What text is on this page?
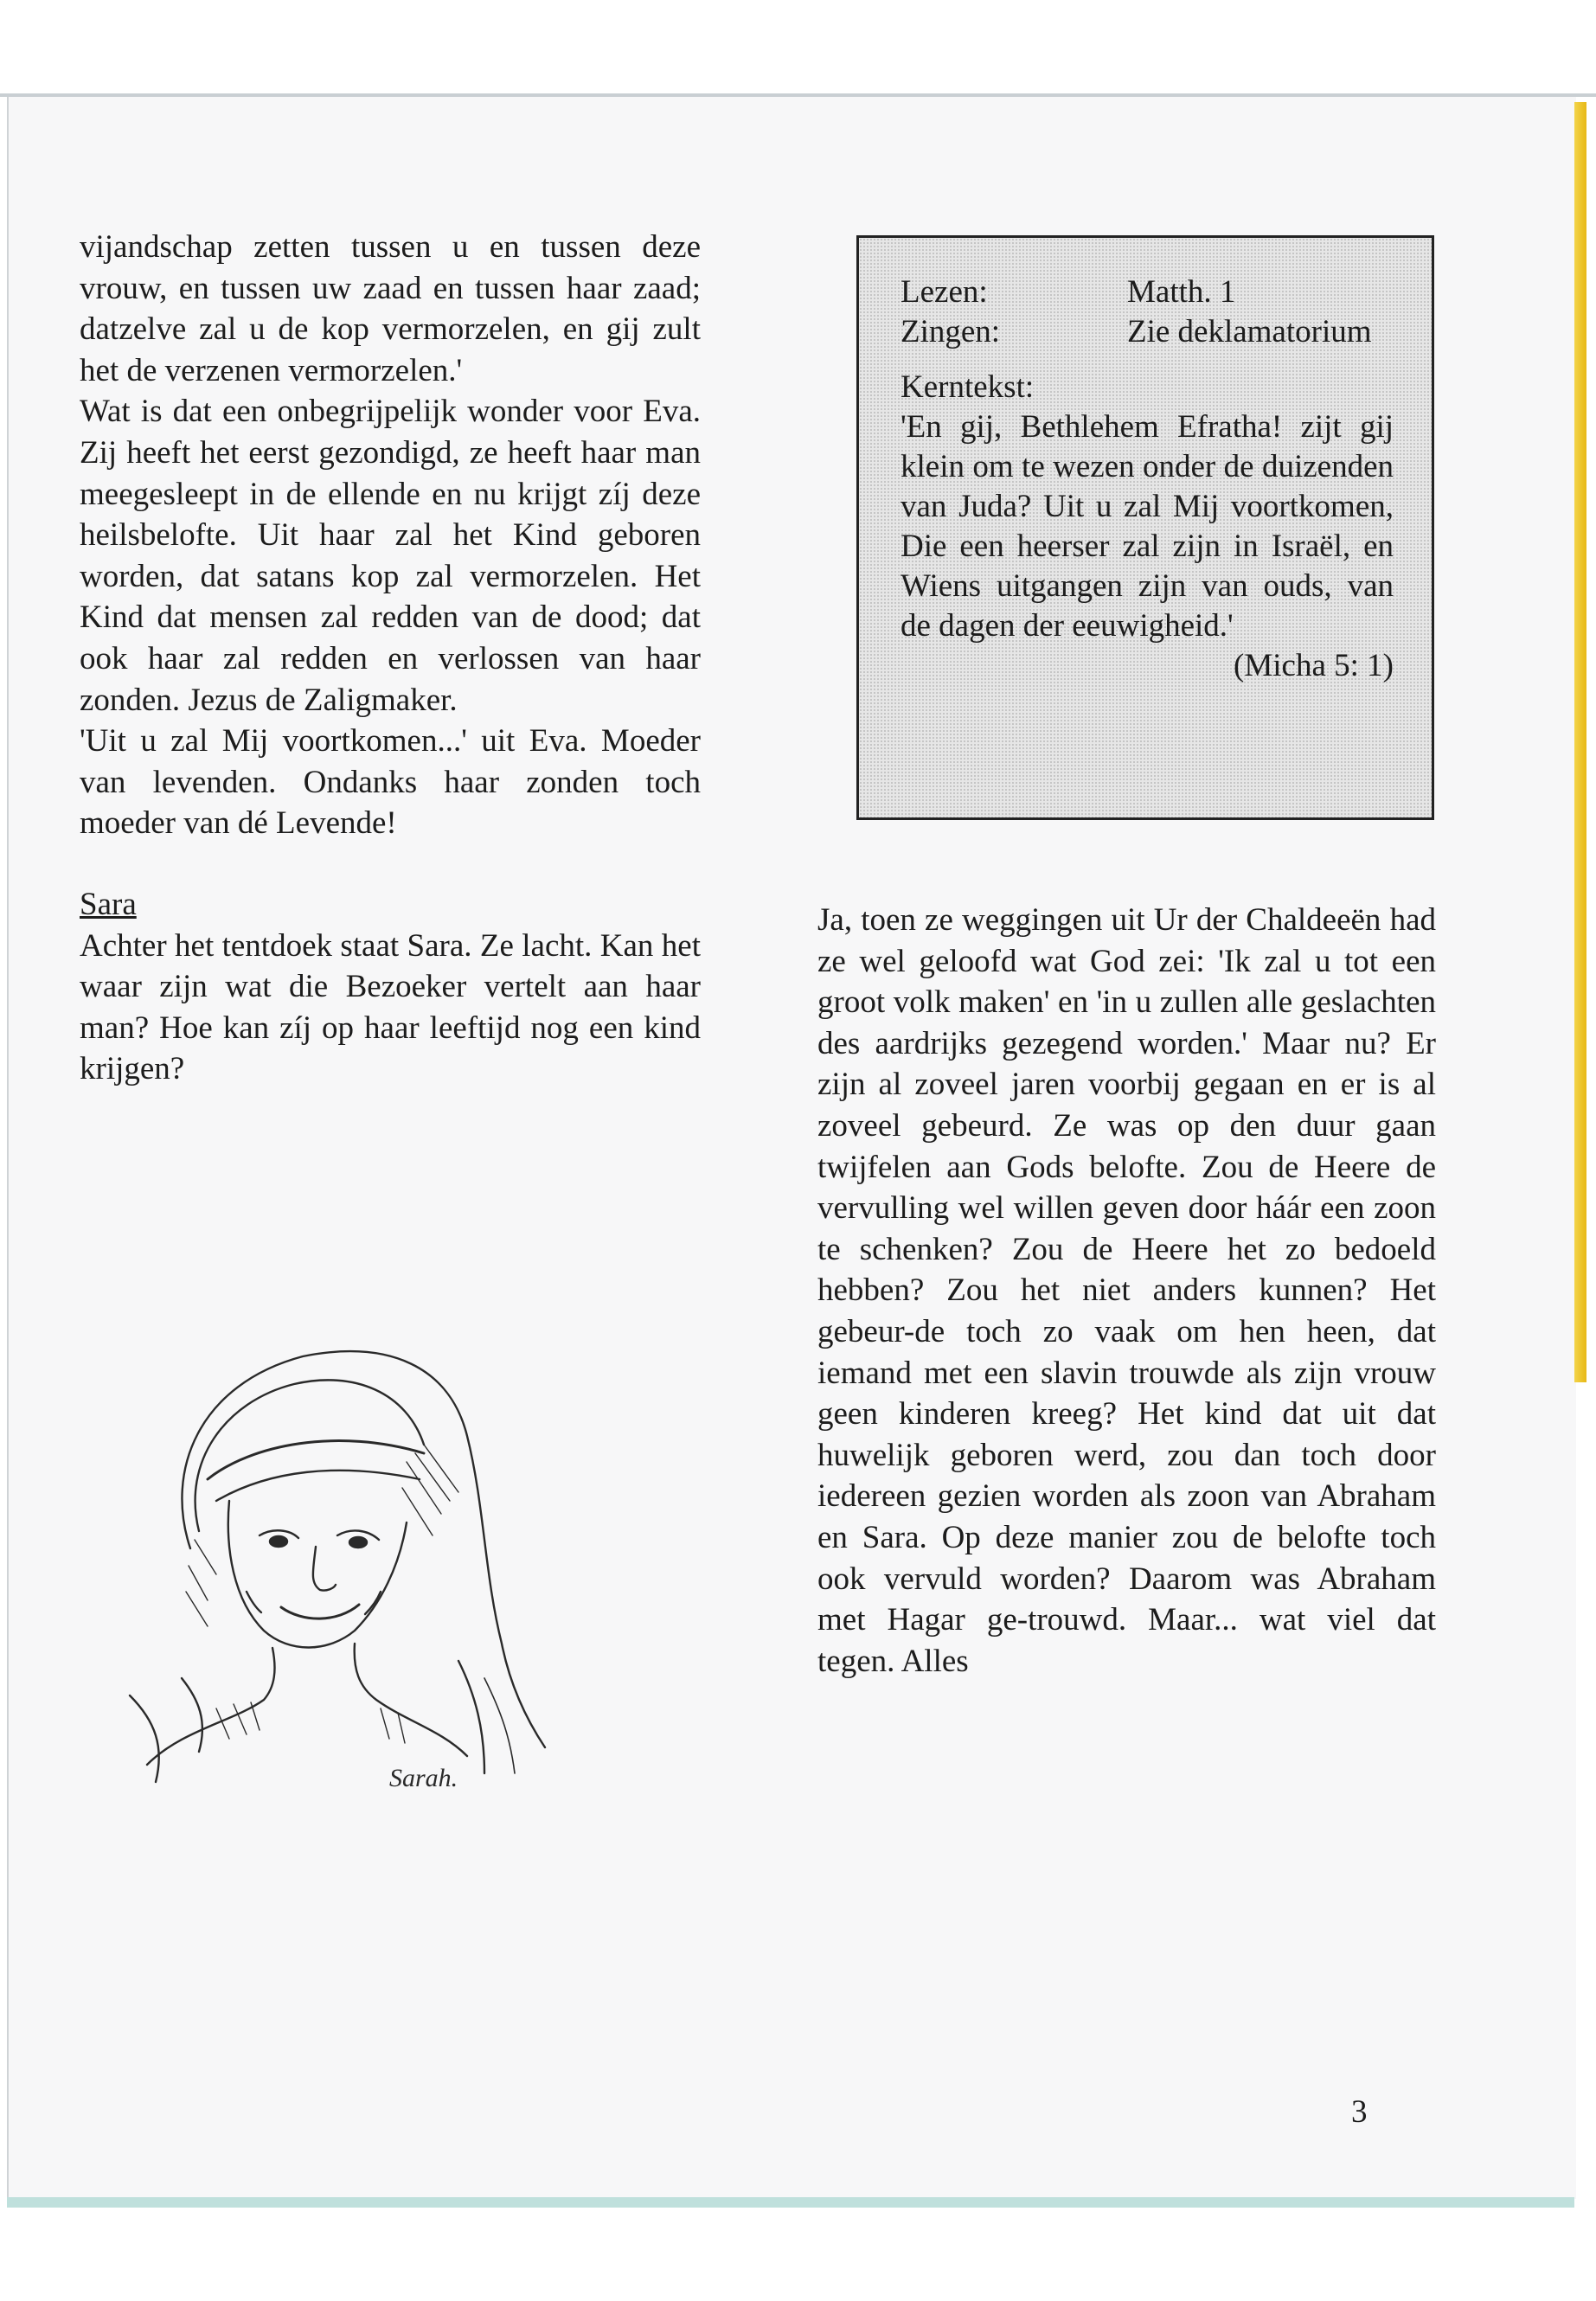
vijandschap zetten tussen u en tussen deze vrouw, en tussen uw zaad en tussen haar zaad; datzelve zal u de kop vermorzelen, en gij zult het de verzenen vermorzelen.'

Wat is dat een onbegrijpelijk wonder voor Eva. Zij heeft het eerst gezondigd, ze heeft haar man meegesleept in de ellende en nu krijgt zíj deze heilsbelofte. Uit haar zal het Kind geboren worden, dat satans kop zal vermorzelen. Het Kind dat mensen zal redden van de dood; dat ook haar zal redden en verlossen van haar zonden. Jezus de Zaligmaker.

'Uit u zal Mij voortkomen...' uit Eva. Moeder van levenden. Ondanks haar zonden toch moeder van dé Levende!

Sara

Achter het tentdoek staat Sara. Ze lacht. Kan het waar zijn wat die Bezoeker vertelt aan haar man? Hoe kan zíj op haar leeftijd nog een kind krijgen?

Lezen:	Matth. 1
Zingen:	Zie deklamatorium
Kerntekst:

'En gij, Bethlehem Efratha! zijt gij klein om te wezen onder de duizenden van Juda? Uit u zal Mij voortkomen, Die een heerser zal zijn in Israël, en Wiens uitgangen zijn van ouds, van de dagen der eeuwigheid.'

(Micha 5: 1)

Ja, toen ze weggingen uit Ur der Chaldeeën had ze wel geloofd wat God zei: 'Ik zal u tot een groot volk maken' en 'in u zullen alle geslachten des aardrijks gezegend worden.' Maar nu? Er zijn al zoveel jaren voorbij gegaan en er is al zoveel gebeurd. Ze was op den duur gaan twijfelen aan Gods belofte. Zou de Heere de vervulling wel willen geven door háár een zoon te schenken? Zou de Heere het zo bedoeld hebben? Zou het niet anders kunnen? Het gebeur-de toch zo vaak om hen heen, dat iemand met een slavin trouwde als zijn vrouw geen kinderen kreeg? Het kind dat uit dat huwelijk geboren werd, zou dan toch door iedereen gezien worden als zoon van Abraham en Sara. Op deze manier zou de belofte toch ook vervuld worden? Daarom was Abraham met Hagar ge-trouwd. Maar... wat viel dat tegen. Alles

Sarah.
3
